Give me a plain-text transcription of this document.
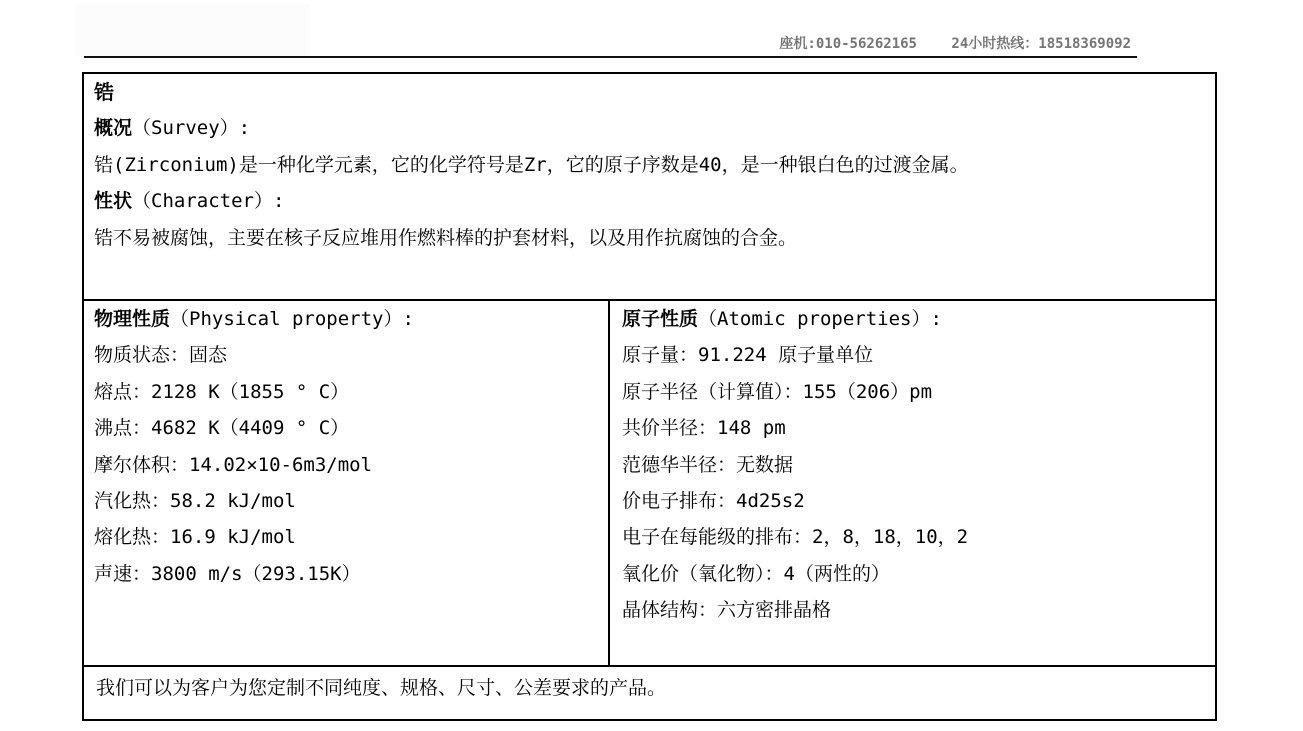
座机:010-56262165 24小时热线：18518369092
锆
概况（Survey）:
锆(Zirconium)是一种化学元素，它的化学符号是Zr，它的原子序数是40，是一种银白色的过渡金属。
性状（Character）:
锆不易被腐蚀，主要在核子反应堆用作燃料棒的护套材料，以及用作抗腐蚀的合金。
物理性质（Physical property）:
物质状态：固态
熔点：2128 K（1855 ° C）
沸点：4682 K（4409 ° C）
摩尔体积：14.02×10-6m3/mol
汽化热：58.2 kJ/mol
熔化热：16.9 kJ/mol
声速：3800 m/s（293.15K）
原子性质（Atomic properties）:
原子量：91.224 原子量单位
原子半径（计算值）：155（206）pm
共价半径：148 pm
范德华半径：无数据
价电子排布：4d25s2
电子在每能级的排布：2，8，18，10，2
氧化价（氧化物）：4（两性的）
晶体结构：六方密排晶格
我们可以为客户为您定制不同纯度、规格、尺寸、公差要求的产品。
